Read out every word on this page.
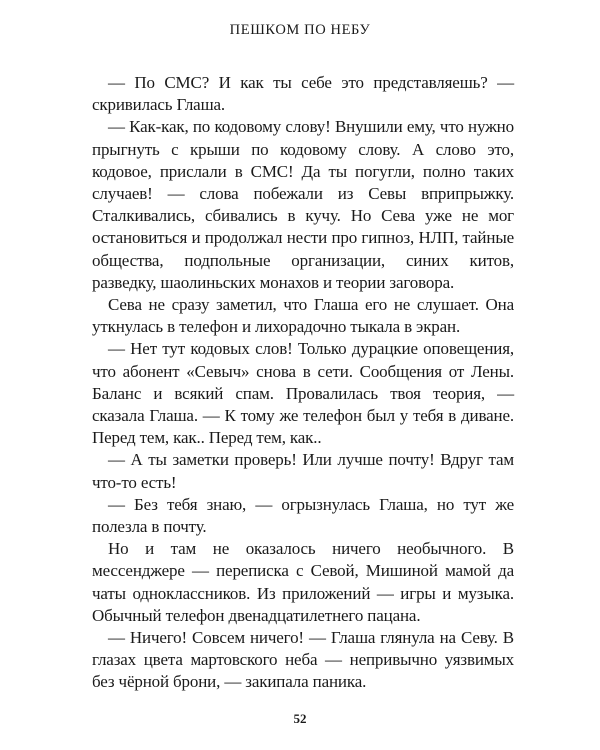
ПЕШКОМ ПО НЕБУ

— По СМС? И как ты себе это представляешь? — скривилась Глаша.

— Как-как, по кодовому слову! Внушили ему, что нужно прыгнуть с крыши по кодовому слову. А слово это, кодовое, прислали в СМС! Да ты погугли, полно таких случаев! — слова побежали из Севы вприпрыжку. Сталкивались, сбивались в кучу. Но Сева уже не мог остановиться и продолжал нести про гипноз, НЛП, тайные общества, подпольные организации, синих китов, разведку, шаолиньских монахов и теории заговора.

Сева не сразу заметил, что Глаша его не слушает. Она уткнулась в телефон и лихорадочно тыкала в экран.

— Нет тут кодовых слов! Только дурацкие оповещения, что абонент «Севыч» снова в сети. Сообщения от Лены. Баланс и всякий спам. Провалилась твоя теория, — сказала Глаша. — К тому же телефон был у тебя в диване. Перед тем, как.. Перед тем, как..

— А ты заметки проверь! Или лучше почту! Вдруг там что-то есть!

— Без тебя знаю, — огрызнулась Глаша, но тут же полезла в почту.

Но и там не оказалось ничего необычного. В мессенджере — переписка с Севой, Мишиной мамой да чаты одноклассников. Из приложений — игры и музыка. Обычный телефон двенадцатилетнего пацана.

— Ничего! Совсем ничего! — Глаша глянула на Севу. В глазах цвета мартовского неба — непривычно уязвимых без чёрной брони, — закипала паника.

52
